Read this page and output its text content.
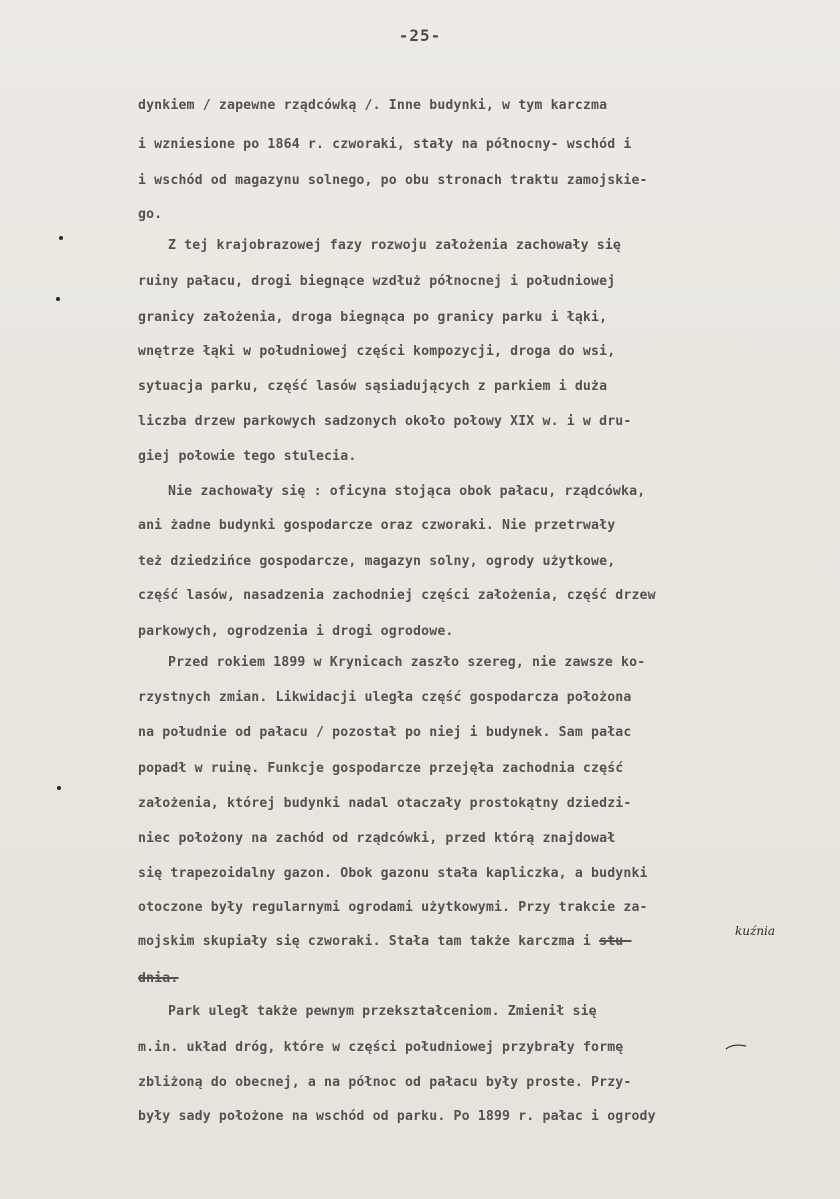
-25-
dynkiem / zapewne rządcówką /. Inne budynki, w tym karczma
i wzniesione po 1864 r. czworaki, stały na północny- wschód i
i wschód od magazynu solnego, po obu stronach traktu zamojskie-
go.
Z tej krajobrazowej fazy rozwoju założenia zachowały się
ruiny pałacu, drogi biegnące wzdłuż północnej i południowej
granicy założenia, droga biegnąca po granicy parku i łąki,
wnętrze łąki w południowej części kompozycji, droga do wsi,
sytuacja parku, część lasów sąsiadujących z parkiem i duża
liczba drzew parkowych sadzonych około połowy XIX w. i w dru-
giej połowie tego stulecia.
Nie zachowały się : oficyna stojąca obok pałacu, rządcówka,
ani żadne budynki gospodarcze oraz czworaki. Nie przetrwały
też dziedzińce gospodarcze, magazyn solny, ogrody użytkowe,
część lasów, nasadzenia zachodniej części założenia, część drzew
parkowych, ogrodzenia i drogi ogrodowe.
Przed rokiem 1899 w Krynicach zaszło szereg, nie zawsze ko-
rzystnych zmian. Likwidacji uległa część gospodarcza położona
na południe od pałacu / pozostał po niej i budynek. Sam pałac
popadł w ruinę. Funkcje gospodarcze przejęła zachodnia część
założenia, której budynki nadal otaczały prostokątny dziedzi-
niec położony na zachód od rządcówki, przed którą znajdował
się trapezoidalny gazon. Obok gazonu stała kapliczka, a budynki
otoczone były regularnymi ogrodami użytkowymi. Przy trakcie za-
mojskim skupiały się czworaki. Stała tam także karczma i stu-
dnia.
Park uległ także pewnym przekształceniom. Zmienił się
m.in. układ dróg, które w części południowej przybrały formę
zbliżoną do obecnej, a na północ od pałacu były proste. Przy-
były sady położone na wschód od parku. Po 1899 r. pałac i ogrody
kuźnia
